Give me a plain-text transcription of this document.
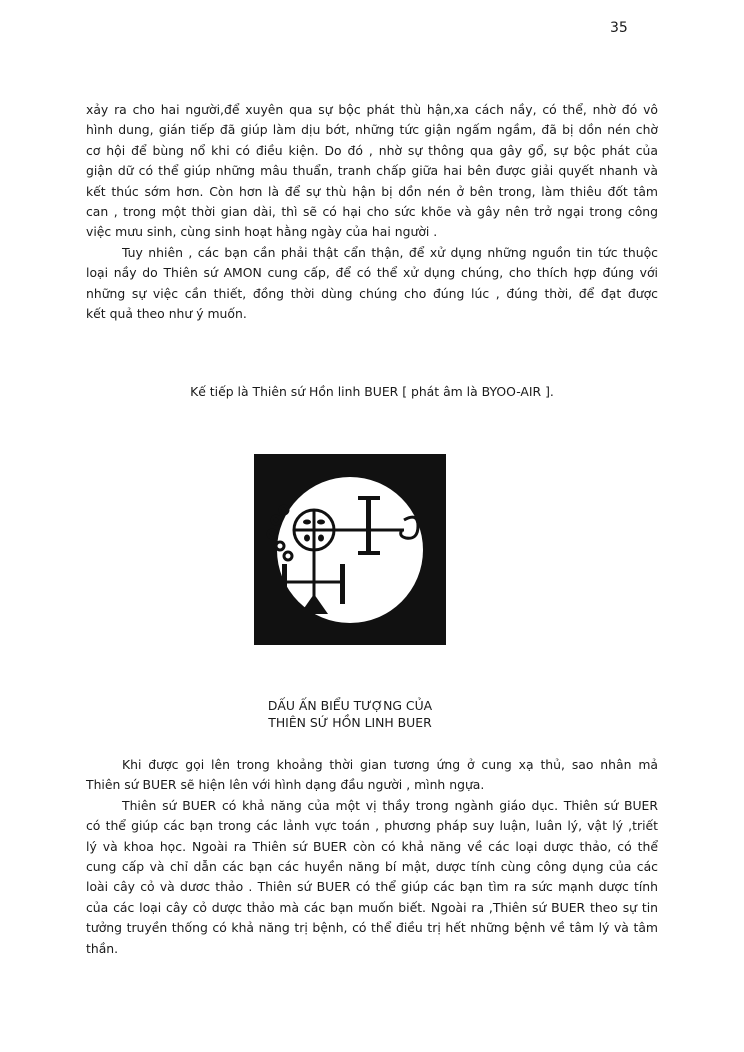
35
xảy ra cho hai người,để xuyên qua sự bộc phát thù hận,xa cách nầy, có thể, nhờ đó vô
hình dung, gián tiếp đã giúp làm dịu bớt, những tức giận ngấm ngầm, đã bị dồn nén chờ
cơ hội để bùng nổ khi có điều kiện. Do đó , nhờ sự thông qua gây gổ, sự bộc phát của
giận dữ có thể giúp những mâu thuẩn, tranh chấp giữa hai bên được giải quyết nhanh và
kết thúc sớm hơn. Còn hơn là để sự thù hận bị dồn nén ở bên trong, làm thiêu đốt tâm
can , trong một thời gian dài, thì sẽ có hại cho sức khõe và gây nên trở ngại trong công
việc mưu sinh, cùng sinh hoạt hằng ngày của hai người .
Tuy nhiên , các bạn cần phải thật cẩn thận, để xử dụng những nguồn tin tức thuộc
loại nầy do Thiên sứ AMON cung cấp, để có thể xử dụng chúng, cho thích hợp đúng với
những sự việc cần thiết, đồng thời dùng chúng cho đúng lúc , đúng thời, để đạt được
kết quả theo như ý muốn.
Kế tiếp là Thiên sứ Hồn linh BUER [ phát âm là BYOO-AIR ].
DẤU ẤN BIỂU TƯỢNG CỦA
THIÊN SỨ HỒN LINH BUER
Khi được gọi lên trong khoảng thời gian tương ứng ở cung xạ thủ, sao nhân mả
Thiên sứ BUER sẽ hiện lên với hình dạng đầu người , mình ngựa.
Thiên sứ BUER có khả năng của một vị thầy trong ngành giáo dục. Thiên sứ BUER
có thể giúp các bạn trong các lảnh vực toán , phương pháp suy luận, luân lý, vật lý ,triết
lý và khoa học. Ngoài ra Thiên sứ BUER còn có khả năng về các loại dược thảo, có thể
cung cấp và chỉ dẫn các bạn các huyền năng bí mật, dược tính cùng công dụng của các
loài cây cỏ và dươc thảo . Thiên sứ BUER có thể giúp các bạn tìm ra sức mạnh dược tính
của các loại cây cỏ dược thảo mà các bạn muốn biết. Ngoài ra ,Thiên sứ BUER theo sự tin
tưởng truyền thống có khả năng trị bệnh, có thể điều trị hết những bệnh về tâm lý và tâm
thần.
